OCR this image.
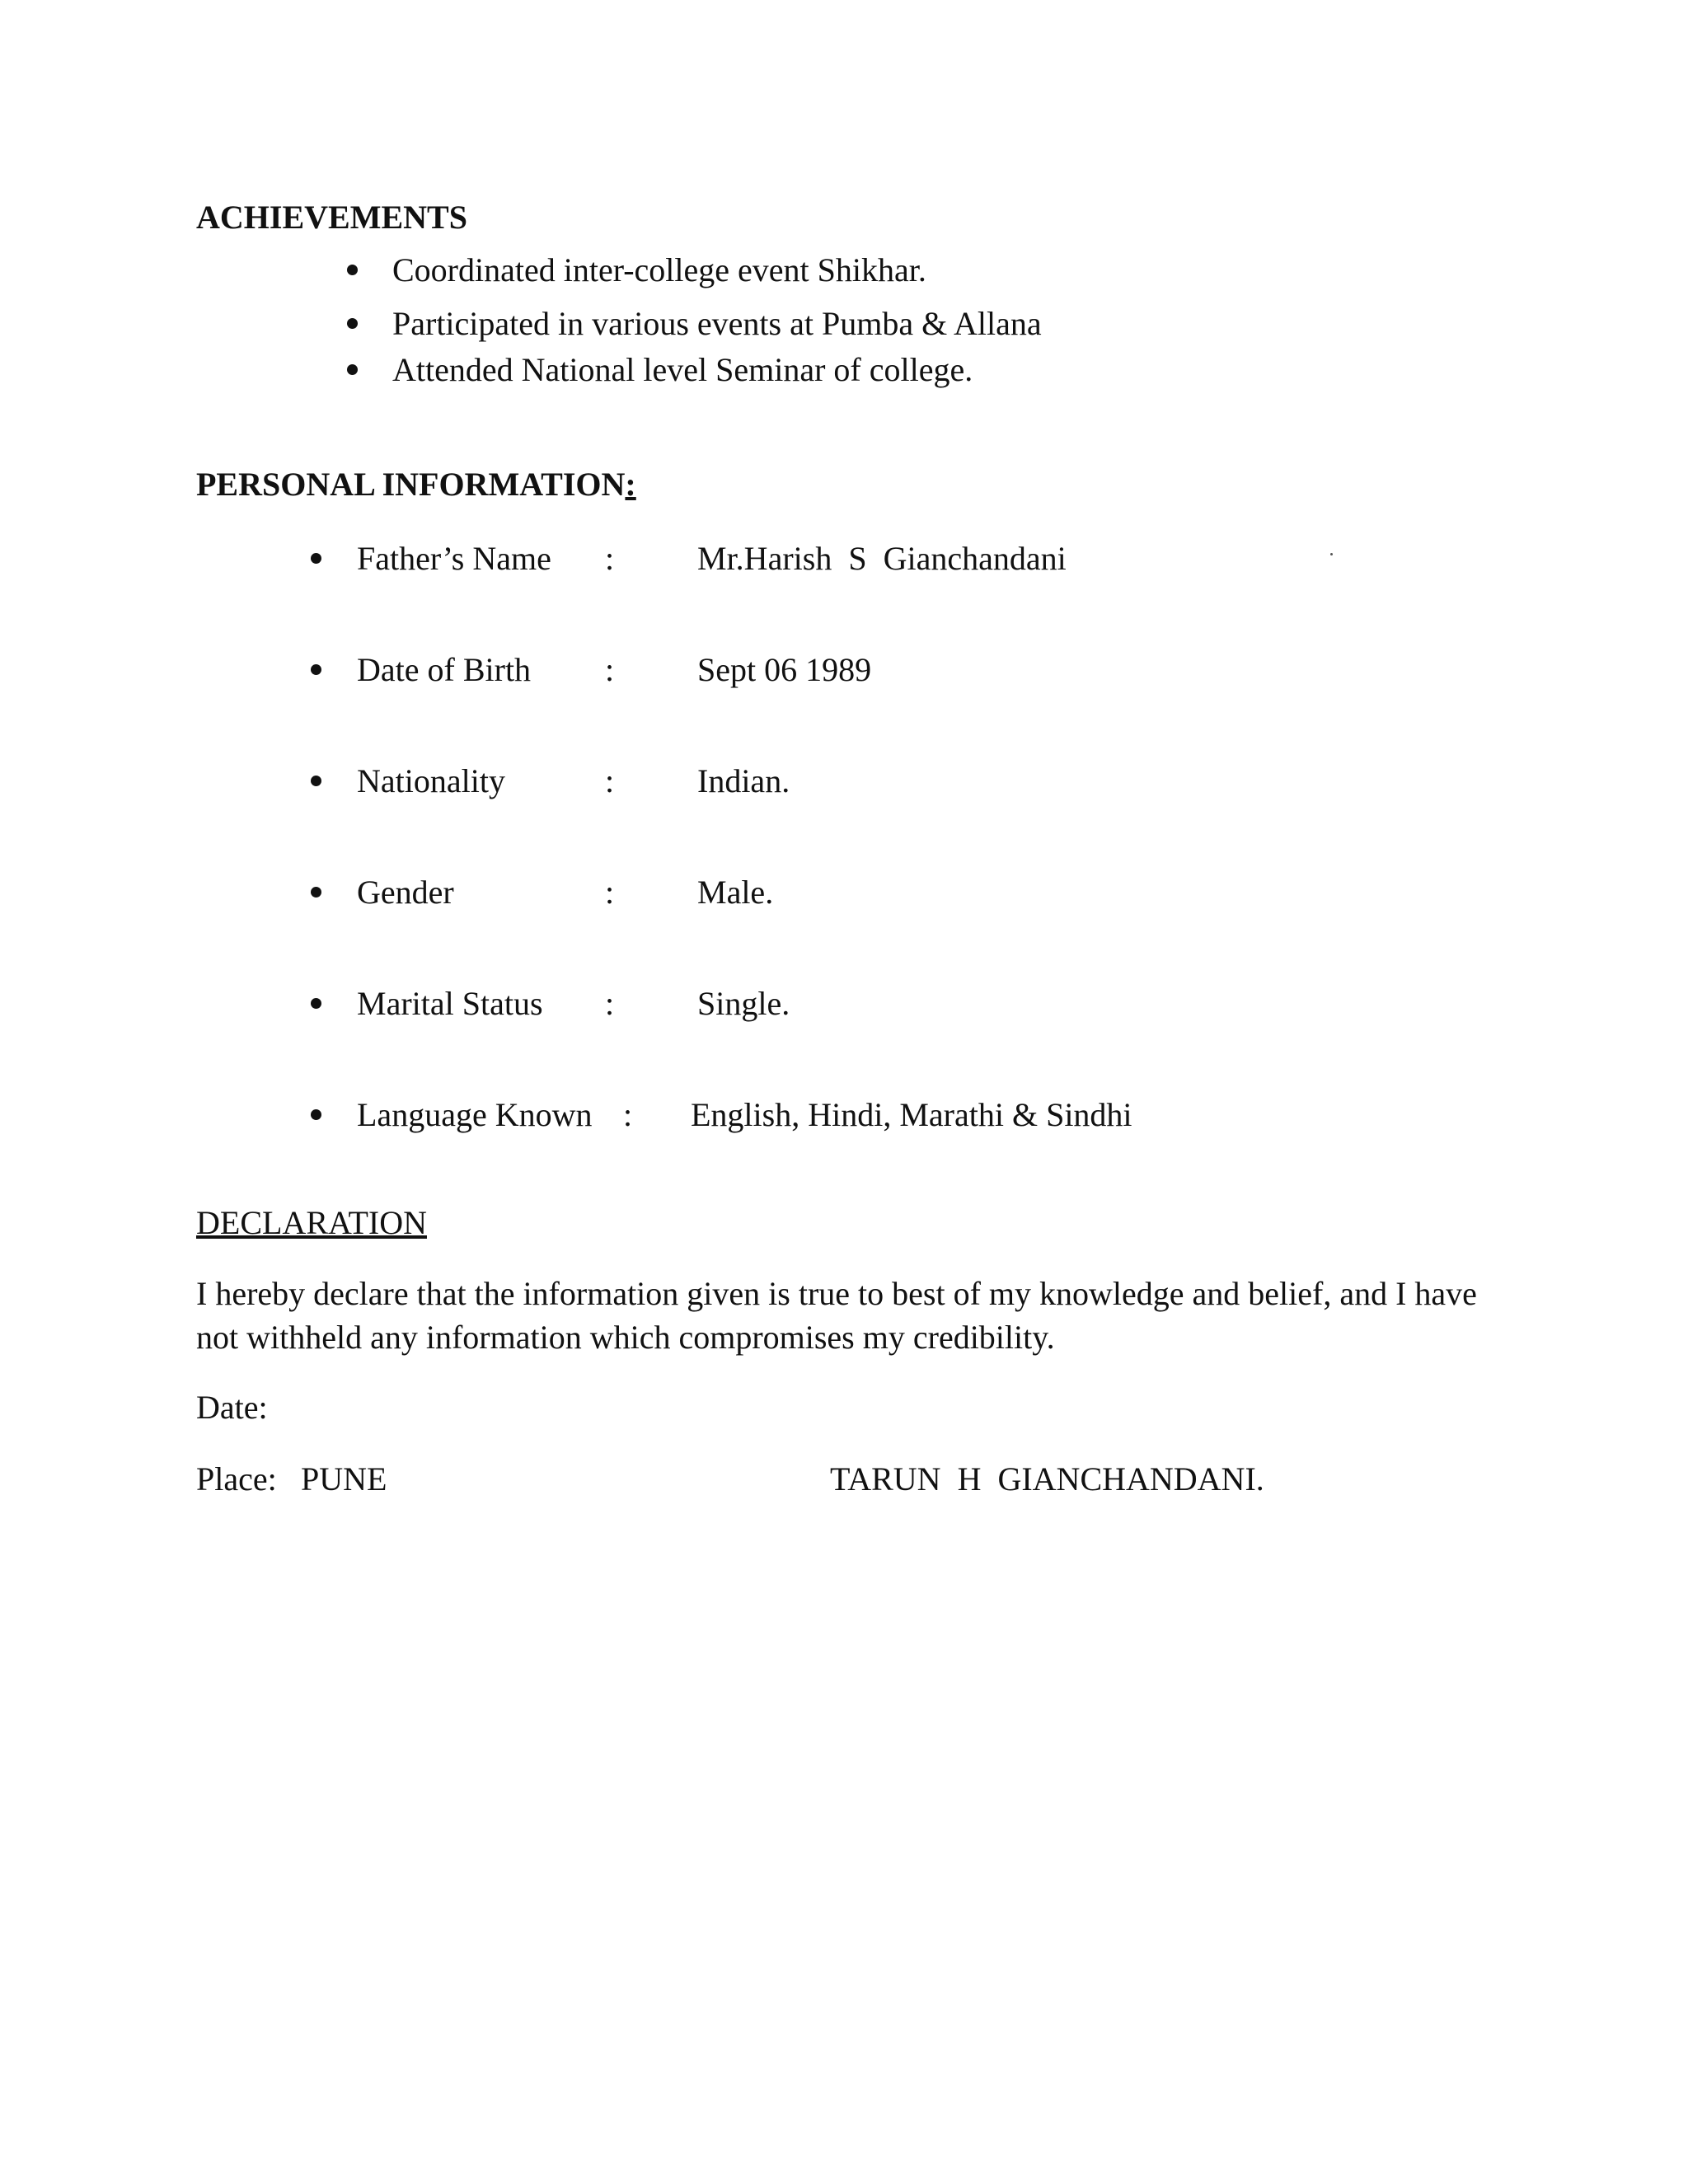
ACHIEVEMENTS
Coordinated inter-college event Shikhar.
Participated in various events at Pumba & Allana
Attended National level Seminar of college.
PERSONAL INFORMATION:
Father’s Name :	Mr.Harish  S  Gianchandani
Date of Birth :	Sept 06 1989
Nationality	:	Indian.
Gender	:	Male.
Marital Status :	Single.
Language Known : English, Hindi, Marathi & Sindhi
DECLARATION
I hereby declare that the information given is true to best of my knowledge and belief, and I have
not withheld any information which compromises my credibility.
Date:
Place: PUNE	TARUN  H  GIANCHANDANI.
